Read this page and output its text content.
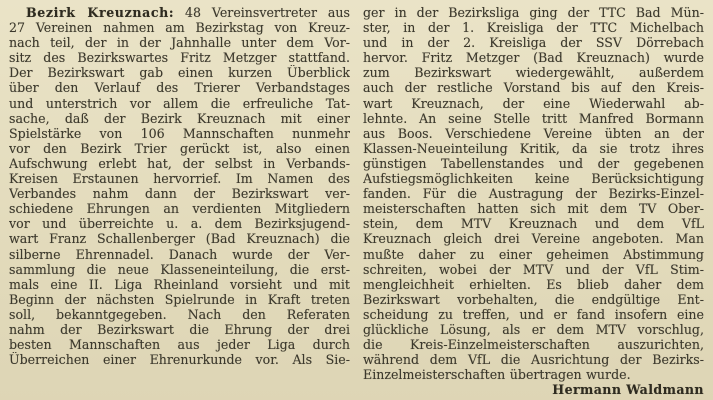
Bezirk Kreuznach: 48 Vereinsvertreter aus
27 Vereinen nahmen am Bezirkstag von Kreuz-
nach teil, der in der Jahnhalle unter dem Vor-
sitz des Bezirkswartes Fritz Metzger stattfand.
Der Bezirkswart gab einen kurzen Überblick
über den Verlauf des Trierer Verbandstages
und unterstrich vor allem die erfreuliche Tat-
sache, daß der Bezirk Kreuznach mit einer
Spielstärke von 106 Mannschaften nunmehr
vor den Bezirk Trier gerückt ist, also einen
Aufschwung erlebt hat, der selbst in Verbands-
Kreisen Erstaunen hervorrief. Im Namen des
Verbandes nahm dann der Bezirkswart ver-
schiedene Ehrungen an verdienten Mitgliedern
vor und überreichte u. a. dem Bezirksjugend-
wart Franz Schallenberger (Bad Kreuznach) die
silberne Ehrennadel. Danach wurde der Ver-
sammlung die neue Klasseneinteilung, die erst-
mals eine II. Liga Rheinland vorsieht und mit
Beginn der nächsten Spielrunde in Kraft treten
soll, bekanntgegeben. Nach den Referaten
nahm der Bezirkswart die Ehrung der drei
besten Mannschaften aus jeder Liga durch
Überreichen einer Ehrenurkunde vor. Als Sie-
ger in der Bezirksliga ging der TTC Bad Mün-
ster, in der 1. Kreisliga der TTC Michelbach
und in der 2. Kreisliga der SSV Dörrebach
hervor. Fritz Metzger (Bad Kreuznach) wurde
zum Bezirkswart wiedergewählt, außerdem
auch der restliche Vorstand bis auf den Kreis-
wart Kreuznach, der eine Wiederwahl ab-
lehnte. An seine Stelle tritt Manfred Bormann
aus Boos. Verschiedene Vereine übten an der
Klassen-Neueinteilung Kritik, da sie trotz ihres
günstigen Tabellenstandes und der gegebenen
Aufstiegsmöglichkeiten keine Berücksichtigung
fanden. Für die Austragung der Bezirks-Einzel-
meisterschaften hatten sich mit dem TV Ober-
stein, dem MTV Kreuznach und dem VfL
Kreuznach gleich drei Vereine angeboten. Man
mußte daher zu einer geheimen Abstimmung
schreiten, wobei der MTV und der VfL Stim-
mengleichheit erhielten. Es blieb daher dem
Bezirkswart vorbehalten, die endgültige Ent-
scheidung zu treffen, und er fand insofern eine
glückliche Lösung, als er dem MTV vorschlug,
die Kreis-Einzelmeisterschaften auszurichten,
während dem VfL die Ausrichtung der Bezirks-
Einzelmeisterschaften übertragen wurde.
Hermann Waldmann
